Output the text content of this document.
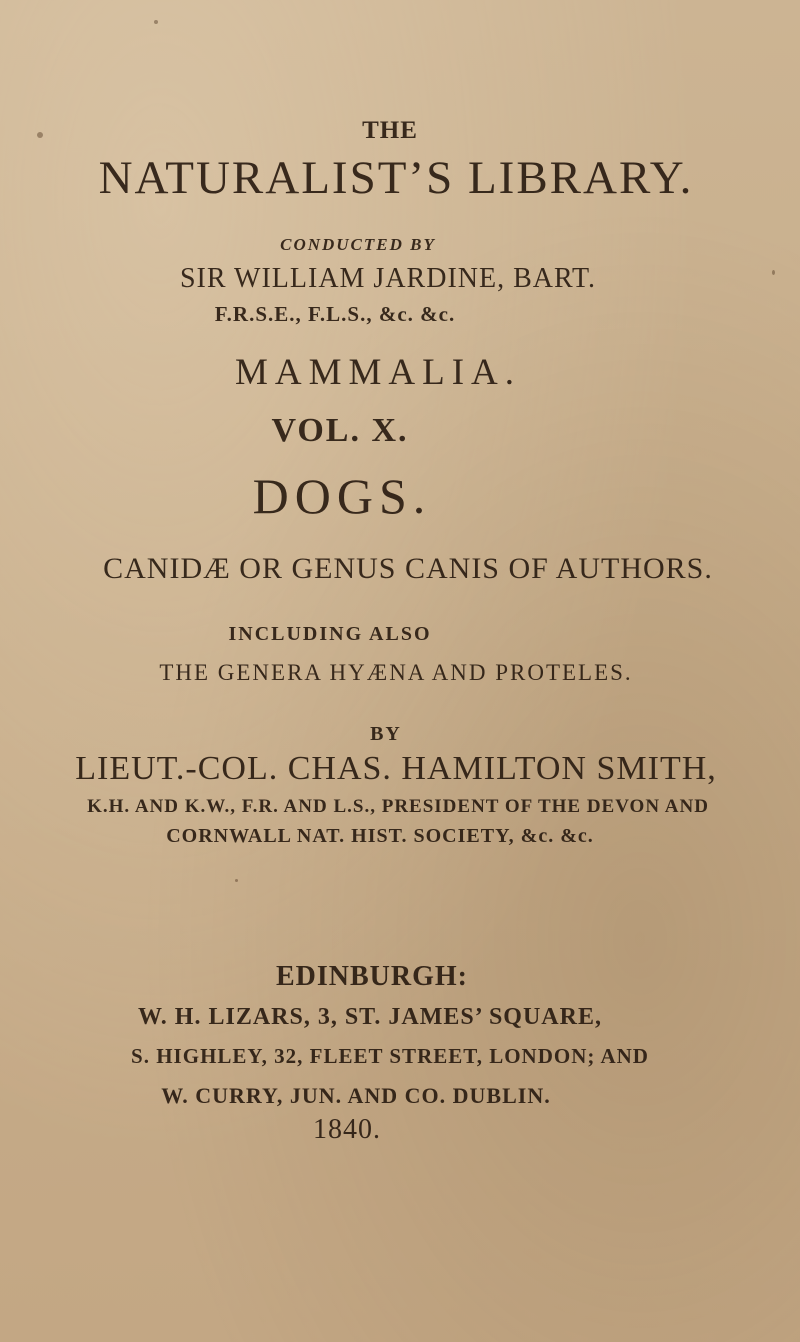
THE
NATURALIST’S LIBRARY.
CONDUCTED BY
SIR WILLIAM JARDINE, BART.
F.R.S.E., F.L.S., &c. &c.
MAMMALIA.
VOL. X.
DOGS.
CANIDÆ OR GENUS CANIS OF AUTHORS.
INCLUDING ALSO
THE GENERA HYÆNA AND PROTELES.
BY
LIEUT.-COL. CHAS. HAMILTON SMITH,
K.H. AND K.W., F.R. AND L.S., PRESIDENT OF THE DEVON AND
CORNWALL NAT. HIST. SOCIETY, &c. &c.
EDINBURGH:
W. H. LIZARS, 3, ST. JAMES’ SQUARE,
S. HIGHLEY, 32, FLEET STREET, LONDON; AND
W. CURRY, JUN. AND CO. DUBLIN.
1840.
